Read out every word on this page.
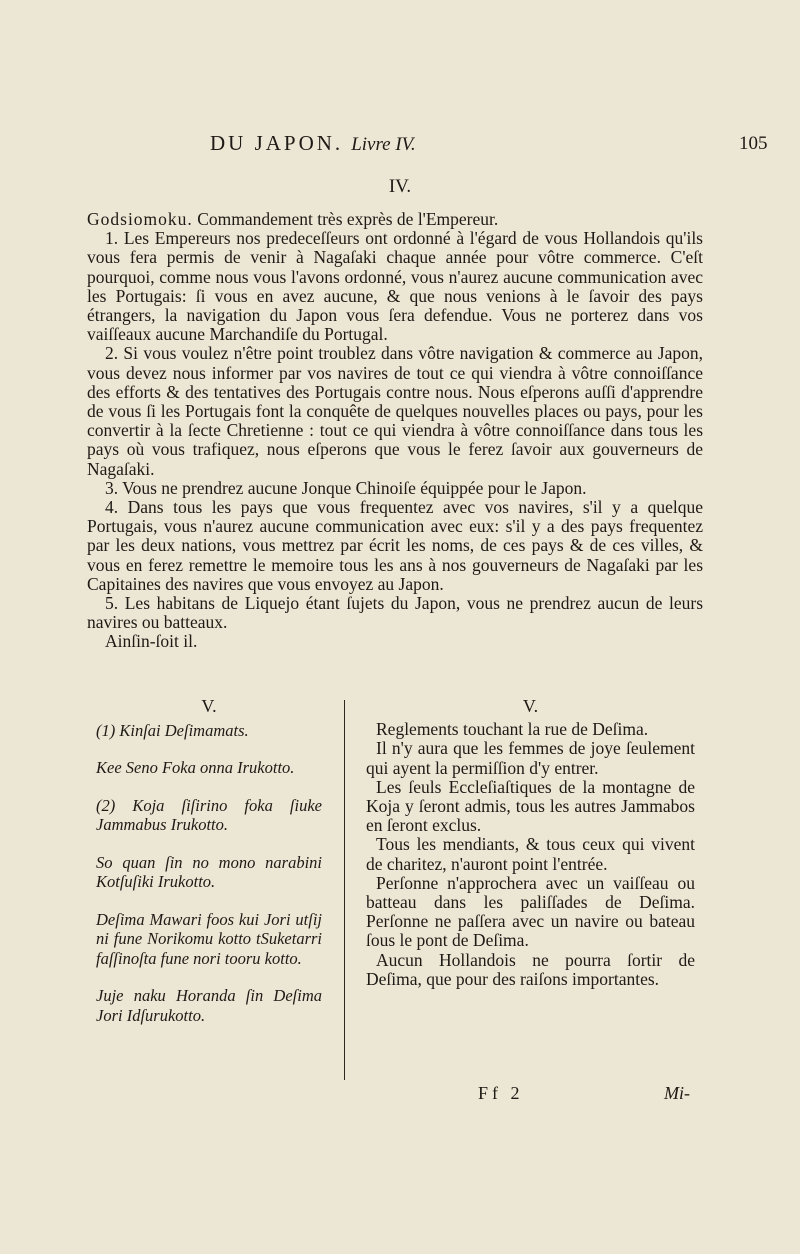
DU JAPON. Livre IV.	105
IV.

Godsiomoku. Commandement très exprès de l'Empereur.

1. Les Empereurs nos predeceſſeurs ont ordonné à l'égard de vous Hollandois qu'ils vous fera permis de venir à Nagaſaki chaque année pour vôtre commerce. C'eſt pourquoi, comme nous vous l'avons ordonné, vous n'aurez aucune communication avec les Portugais: ſi vous en avez aucune, & que nous venions à le ſavoir des pays étrangers, la navigation du Japon vous ſera defendue. Vous ne porterez dans vos vaiſſeaux aucune Marchandiſe du Portugal.

2. Si vous voulez n'être point troublez dans vôtre navigation & commerce au Japon, vous devez nous informer par vos navires de tout ce qui viendra à vôtre connoiſſance des efforts & des tentatives des Portugais contre nous. Nous eſperons auſſi d'apprendre de vous ſi les Portugais font la conquête de quelques nouvelles places ou pays, pour les convertir à la ſecte Chretienne : tout ce qui viendra à vôtre connoiſſance dans tous les pays où vous trafiquez, nous eſperons que vous le ferez ſavoir aux gouverneurs de Nagaſaki.

3. Vous ne prendrez aucune Jonque Chinoiſe équippée pour le Japon.

4. Dans tous les pays que vous frequentez avec vos navires, s'il y a quelque Portugais, vous n'aurez aucune communication avec eux: s'il y a des pays frequentez par les deux nations, vous mettrez par écrit les noms, de ces pays & de ces villes, & vous en ferez remettre le memoire tous les ans à nos gouverneurs de Nagaſaki par les Capitaines des navires que vous envoyez au Japon.

5. Les habitans de Liquejo étant ſujets du Japon, vous ne prendrez aucun de leurs navires ou batteaux.

Ainſin-ſoit il.

V.

(1) Kinſai Deſimamats.

Kee Seno Foka onna Irukotto.

(2) Koja ſiſirino foka ſiuke Jammabus Irukotto.

So quan ſin no mono narabini Kotſuſiki Irukotto.

Deſima Mawari foos kui Jori utſij ni fune Norikomu kotto tSuketarri faſſinoſta fune nori tooru kotto.

Juje naku Horanda ſin Deſima Jori Idſurukotto.

V.

Reglements touchant la rue de Deſima.

Il n'y aura que les femmes de joye ſeulement qui ayent la permiſſion d'y entrer.

Les ſeuls Eccleſiaſtiques de la montagne de Koja y ſeront admis, tous les autres Jammabos en ſeront exclus.

Tous les mendiants, & tous ceux qui vivent de charitez, n'auront point l'entrée.

Perſonne n'approchera avec un vaiſſeau ou batteau dans les paliſſades de Deſima. Perſonne ne paſſera avec un navire ou bateau ſous le pont de Deſima.

Aucun Hollandois ne pourra ſortir de Deſima, que pour des raiſons importantes.

Ff 2	Mi-
